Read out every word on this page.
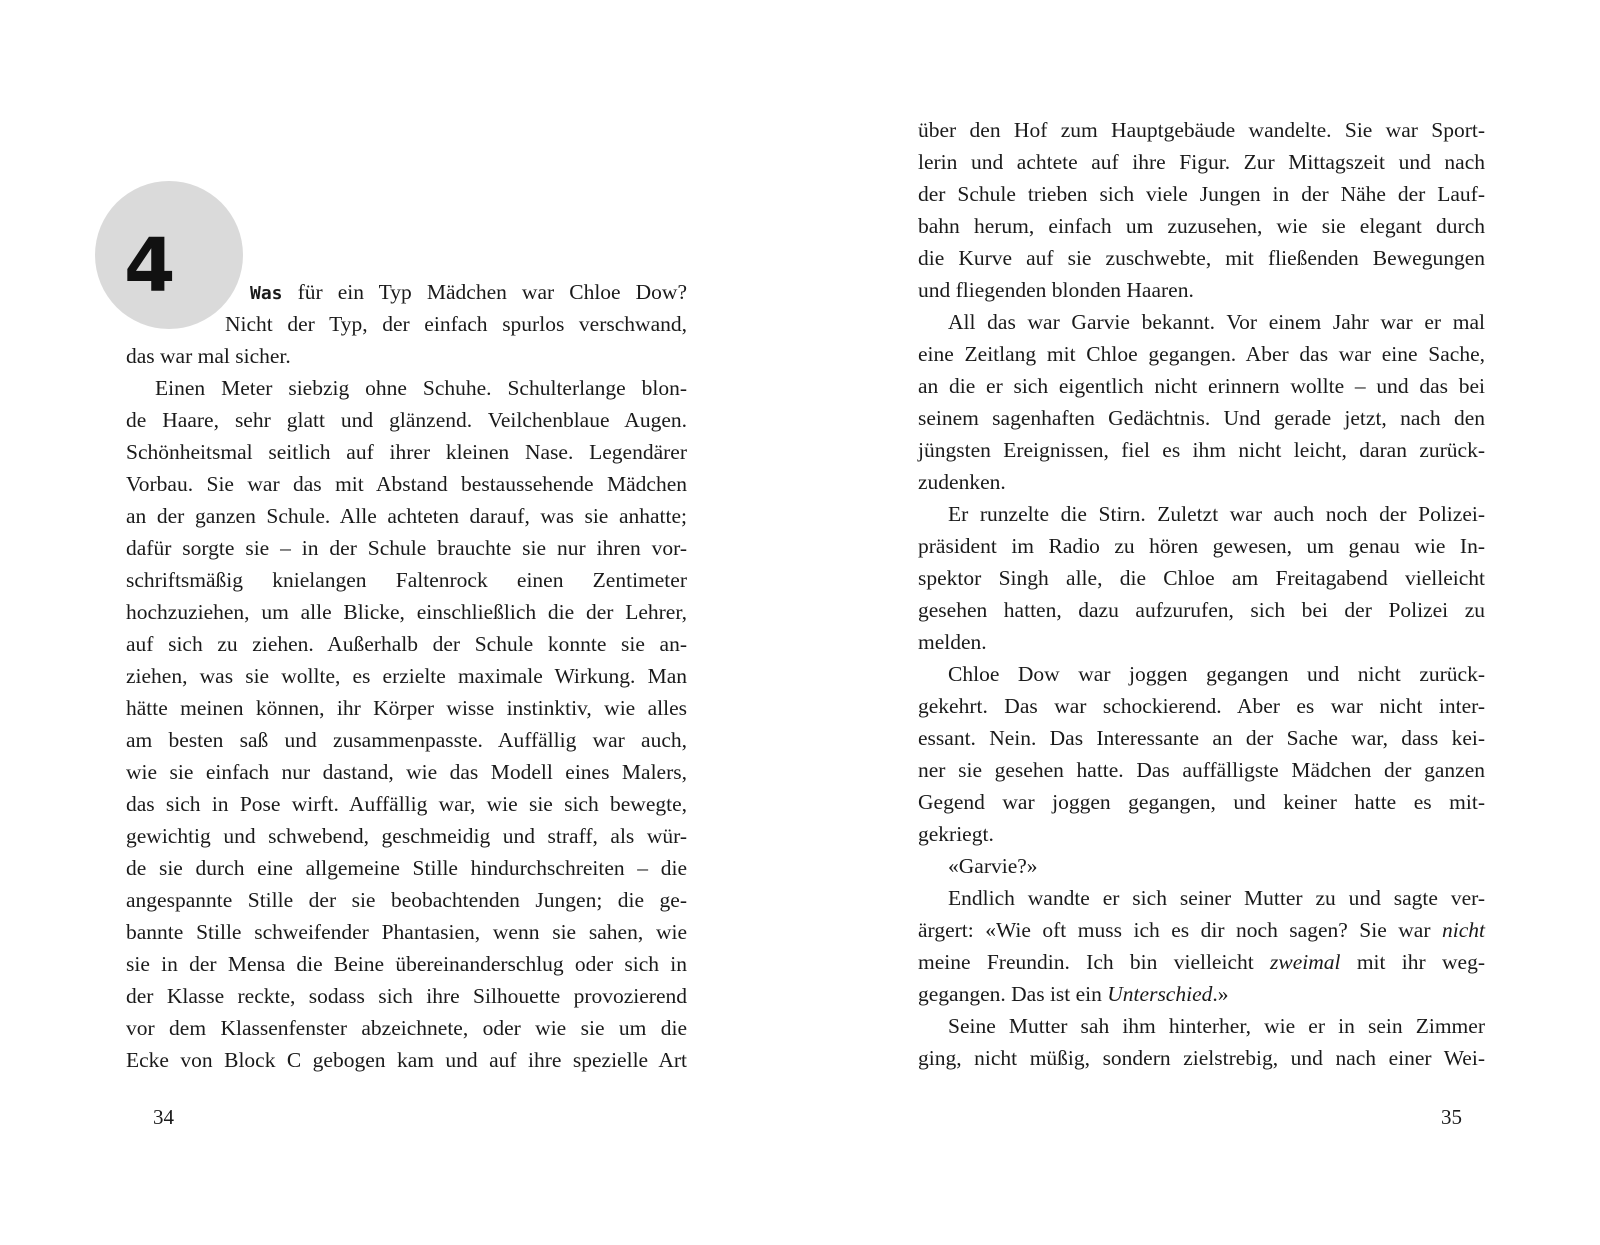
4	Was für ein Typ Mädchen war Chloe Dow?
Nicht der Typ, der einfach spurlos verschwand,
das war mal sicher.
Einen Meter siebzig ohne Schuhe. Schulterlange blon-
de Haare, sehr glatt und glänzend. Veilchenblaue Augen.
Schönheitsmal seitlich auf ihrer kleinen Nase. Legendärer
Vorbau. Sie war das mit Abstand bestaussehende Mädchen
an der ganzen Schule. Alle achteten darauf, was sie anhatte;
dafür sorgte sie – in der Schule brauchte sie nur ihren vor-
schriftsmäßig knielangen Faltenrock einen Zentimeter
hochzuziehen, um alle Blicke, einschließlich die der Lehrer,
auf sich zu ziehen. Außerhalb der Schule konnte sie an-
ziehen, was sie wollte, es erzielte maximale Wirkung. Man
hätte meinen können, ihr Körper wisse instinktiv, wie alles
am besten saß und zusammenpasste. Auffällig war auch,
wie sie einfach nur dastand, wie das Modell eines Malers,
das sich in Pose wirft. Auffällig war, wie sie sich bewegte,
gewichtig und schwebend, geschmeidig und straff, als wür-
de sie durch eine allgemeine Stille hindurchschreiten – die
angespannte Stille der sie beobachtenden Jungen; die ge-
bannte Stille schweifender Phantasien, wenn sie sahen, wie
sie in der Mensa die Beine übereinanderschlug oder sich in
der Klasse reckte, sodass sich ihre Silhouette provozierend
vor dem Klassenfenster abzeichnete, oder wie sie um die
Ecke von Block C gebogen kam und auf ihre spezielle Art
34
über den Hof zum Hauptgebäude wandelte. Sie war Sport-
lerin und achtete auf ihre Figur. Zur Mittagszeit und nach
der Schule trieben sich viele Jungen in der Nähe der Lauf-
bahn herum, einfach um zuzusehen, wie sie elegant durch
die Kurve auf sie zuschwebte, mit fließenden Bewegungen
und fliegenden blonden Haaren.
All das war Garvie bekannt. Vor einem Jahr war er mal
eine Zeitlang mit Chloe gegangen. Aber das war eine Sache,
an die er sich eigentlich nicht erinnern wollte – und das bei
seinem sagenhaften Gedächtnis. Und gerade jetzt, nach den
jüngsten Ereignissen, fiel es ihm nicht leicht, daran zurück-
zudenken.
Er runzelte die Stirn. Zuletzt war auch noch der Polizei-
präsident im Radio zu hören gewesen, um genau wie In-
spektor Singh alle, die Chloe am Freitagabend vielleicht
gesehen hatten, dazu aufzurufen, sich bei der Polizei zu
melden.
Chloe Dow war joggen gegangen und nicht zurück-
gekehrt. Das war schockierend. Aber es war nicht inter-
essant. Nein. Das Interessante an der Sache war, dass kei-
ner sie gesehen hatte. Das auffälligste Mädchen der ganzen
Gegend war joggen gegangen, und keiner hatte es mit-
gekriegt.
«Garvie?»
Endlich wandte er sich seiner Mutter zu und sagte ver-
ärgert: «Wie oft muss ich es dir noch sagen? Sie war nicht
meine Freundin. Ich bin vielleicht zweimal mit ihr weg-
gegangen. Das ist ein Unterschied.»
Seine Mutter sah ihm hinterher, wie er in sein Zimmer
ging, nicht müßig, sondern zielstrebig, und nach einer Wei-
35
